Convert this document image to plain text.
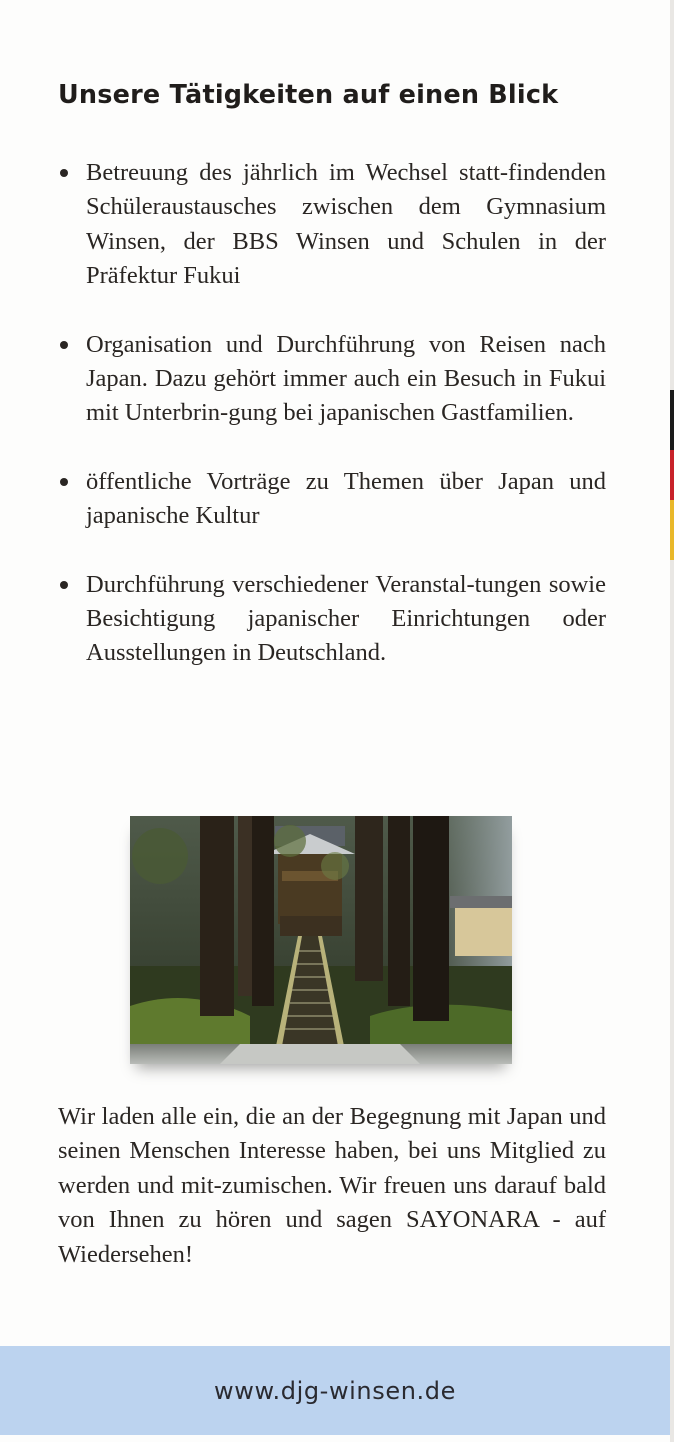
Unsere Tätigkeiten auf einen Blick
Betreuung des jährlich im Wechsel statt-findenden Schüleraustausches zwischen dem Gymnasium Winsen, der BBS Winsen und Schulen in der Präfektur Fukui
Organisation und Durchführung von Reisen nach Japan. Dazu gehört immer auch ein Besuch in Fukui mit Unterbrin-gung bei japanischen Gastfamilien.
öffentliche Vorträge zu Themen über Japan und japanische Kultur
Durchführung verschiedener Veranstal-tungen sowie Besichtigung japanischer Einrichtungen oder Ausstellungen in Deutschland.

Wir laden alle ein, die an der Begegnung mit Japan und seinen Menschen Interesse haben, bei uns Mitglied zu werden und mit-zumischen. Wir freuen uns darauf bald von Ihnen zu hören und sagen SAYONARA - auf Wiedersehen!

www.djg-winsen.de
